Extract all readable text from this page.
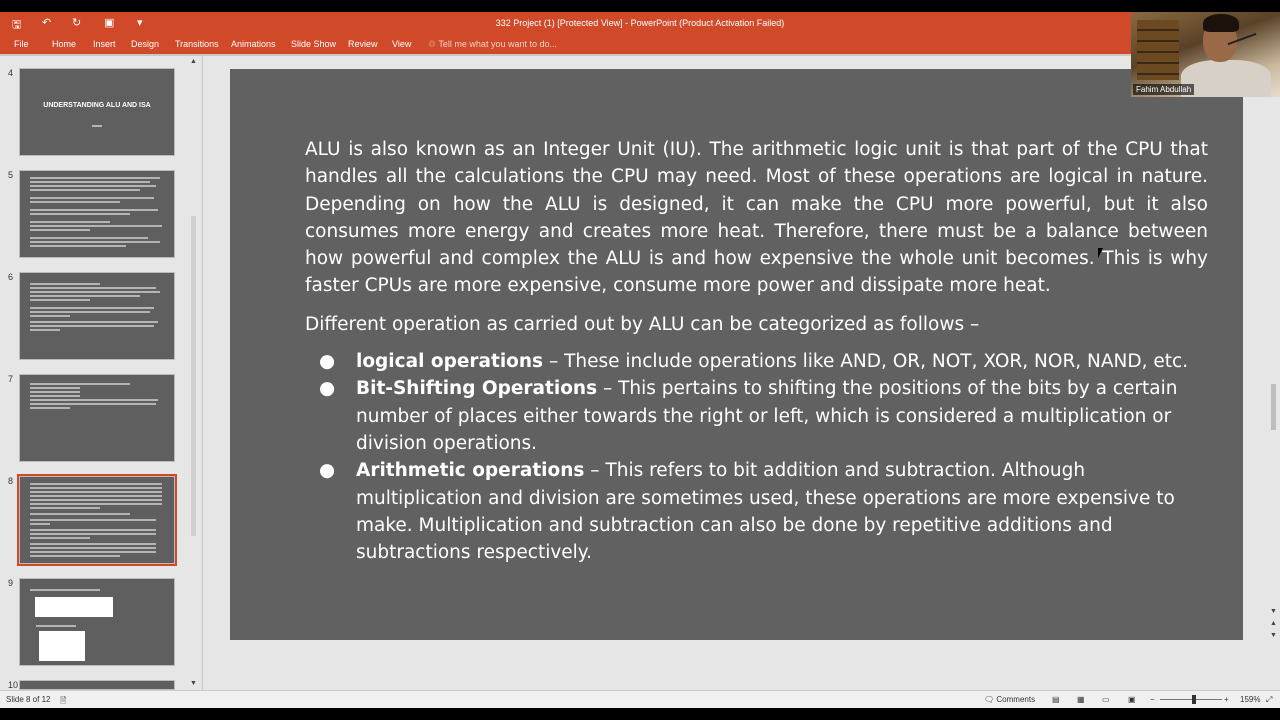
🖫 ↶ ↻ ▣ ▾	332 Project (1) [Protected View] - PowerPoint (Product Activation Failed)
File	Home Insert Design Transitions Animations Slide Show Review View ♲ Tell me what you want to do...
4
UNDERSTANDING ALU AND ISA
5
6
7
8
9
10
▲
▼

ALU is also known as an Integer Unit (IU). The arithmetic logic unit is that part of the CPU that handles all the calculations the CPU may need. Most of these operations are logical in nature. Depending on how the ALU is designed, it can make the CPU more powerful, but it also consumes more energy and creates more heat. Therefore, there must be a balance between how powerful and complex the ALU is and how expensive the whole unit becomes. This is why faster CPUs are more expensive, consume more power and dissipate more heat.

Different operation as carried out by ALU can be categorized as follows –

● logical operations – These include operations like AND, OR, NOT, XOR, NOR, NAND, etc.
● Bit-Shifting Operations – This pertains to shifting the positions of the bits by a certain number of places either towards the right or left, which is considered a multiplication or division operations.
● Arithmetic operations – This refers to bit addition and subtraction. Although multiplication and division are sometimes used, these operations are more expensive to make. Multiplication and subtraction can also be done by repetitive additions and subtractions respectively.
▼
▲
▼
Fahim Abdullah
Slide 8 of 12 🗎	🗨 Comments ▤ ▦ ▭ ▣ −	+ 159% ⤢
